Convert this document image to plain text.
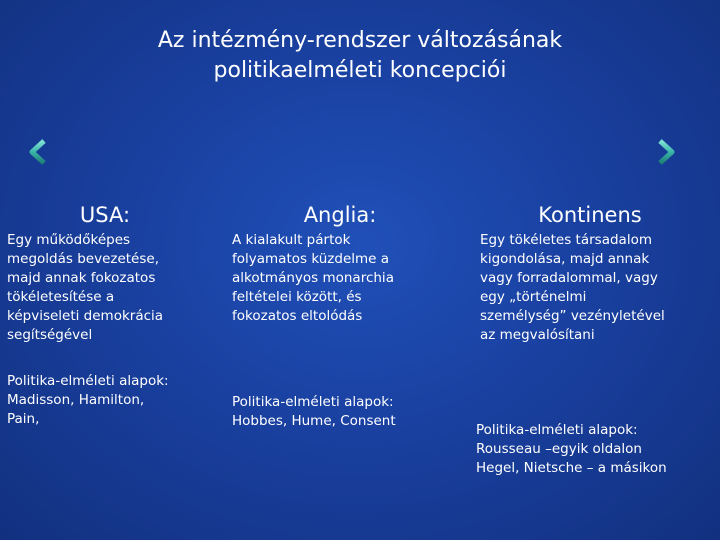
Az intézmény-rendszer változásának
politikaelméleti koncepciói
USA:
Egy működőképes
megoldás bevezetése,
majd annak fokozatos
tökéletesítése a
képviseleti demokrácia
segítségével
Politika-elméleti alapok:
Madisson, Hamilton,
Pain,
Anglia:
A kialakult pártok
folyamatos küzdelme a
alkotmányos monarchia
feltételei között, és
fokozatos eltolódás
Politika-elméleti alapok:
Hobbes, Hume, Consent
Kontinens
Egy tökéletes társadalom
kigondolása, majd annak
vagy forradalommal, vagy
egy „történelmi
személység” vezényletével
az megvalósítani
Politika-elméleti alapok:
Rousseau –egyik oldalon
Hegel, Nietsche – a másikon
